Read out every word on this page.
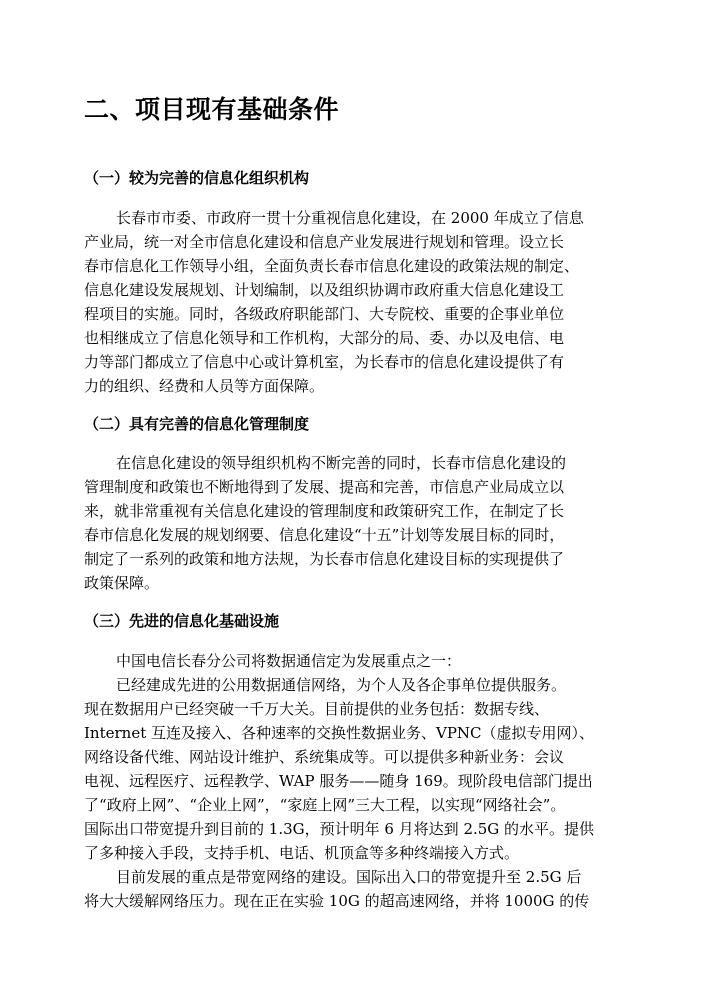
二、项目现有基础条件
（一）较为完善的信息化组织机构
长春市市委、市政府一贯十分重视信息化建设，在 2000 年成立了信息
产业局，统一对全市信息化建设和信息产业发展进行规划和管理。设立长
春市信息化工作领导小组，全面负责长春市信息化建设的政策法规的制定、
信息化建设发展规划、计划编制，以及组织协调市政府重大信息化建设工
程项目的实施。同时，各级政府职能部门、大专院校、重要的企事业单位
也相继成立了信息化领导和工作机构，大部分的局、委、办以及电信、电
力等部门都成立了信息中心或计算机室，为长春市的信息化建设提供了有
力的组织、经费和人员等方面保障。
（二）具有完善的信息化管理制度
在信息化建设的领导组织机构不断完善的同时，长春市信息化建设的
管理制度和政策也不断地得到了发展、提高和完善，市信息产业局成立以
来，就非常重视有关信息化建设的管理制度和政策研究工作，在制定了长
春市信息化发展的规划纲要、信息化建设“十五”计划等发展目标的同时，
制定了一系列的政策和地方法规，为长春市信息化建设目标的实现提供了
政策保障。
（三）先进的信息化基础设施
中国电信长春分公司将数据通信定为发展重点之一：
已经建成先进的公用数据通信网络，为个人及各企事单位提供服务。
现在数据用户已经突破一千万大关。目前提供的业务包括：数据专线、
Internet 互连及接入、各种速率的交换性数据业务、VPNC（虚拟专用网）、
网络设备代维、网站设计维护、系统集成等。可以提供多种新业务：会议
电视、远程医疗、远程教学、WAP 服务——随身 169。现阶段电信部门提出
了“政府上网”、“企业上网”，“家庭上网”三大工程，以实现“网络社会”。
国际出口带宽提升到目前的 1.3G，预计明年 6 月将达到 2.5G 的水平。提供
了多种接入手段，支持手机、电话、机顶盒等多种终端接入方式。
目前发展的重点是带宽网络的建设。国际出入口的带宽提升至 2.5G 后
将大大缓解网络压力。现在正在实验 10G 的超高速网络，并将 1000G 的传
